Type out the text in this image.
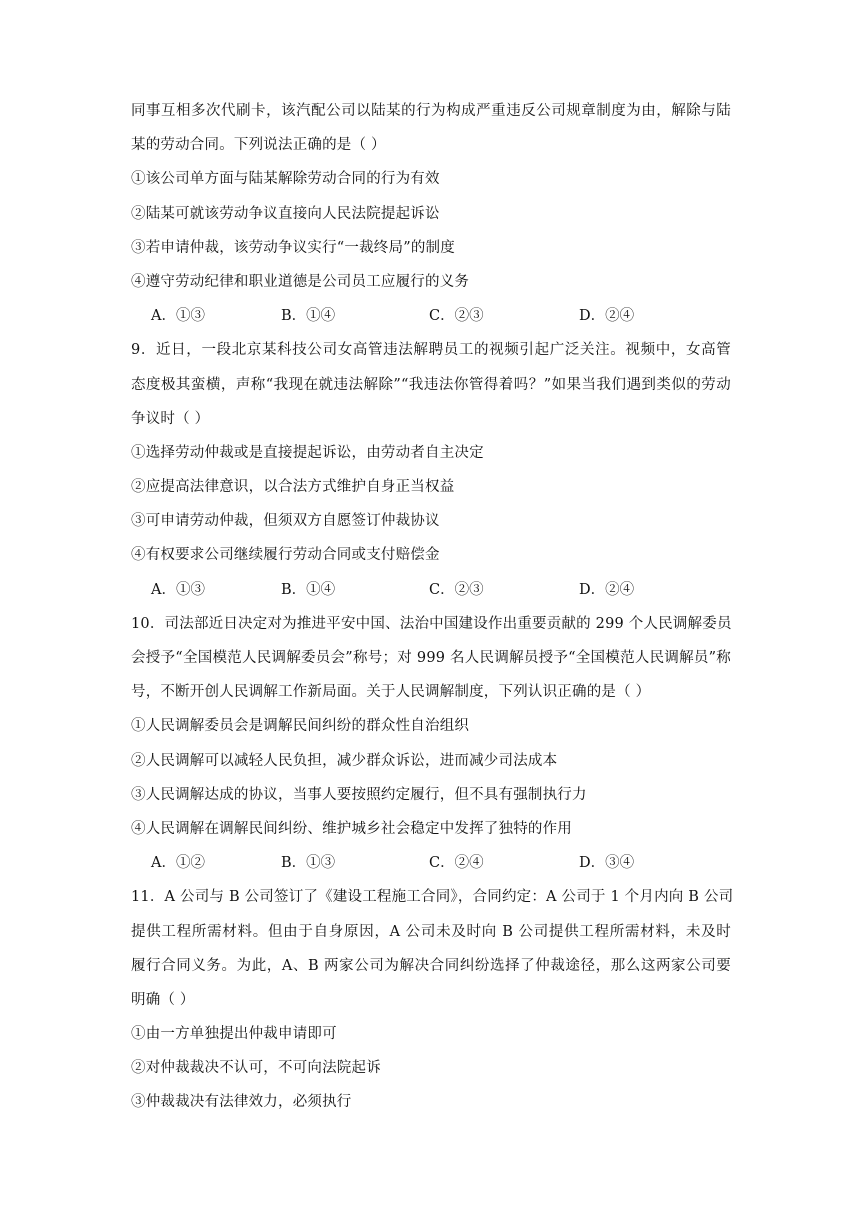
同事互相多次代刷卡，该汽配公司以陆某的行为构成严重违反公司规章制度为由，解除与陆
某的劳动合同。下列说法正确的是（ ）
①该公司单方面与陆某解除劳动合同的行为有效
②陆某可就该劳动争议直接向人民法院提起诉讼
③若申请仲裁，该劳动争议实行“一裁终局”的制度
④遵守劳动纪律和职业道德是公司员工应履行的义务
A．①③	B．①④	C．②③	D．②④
9．近日，一段北京某科技公司女高管违法解聘员工的视频引起广泛关注。视频中，女高管
态度极其蛮横，声称“我现在就违法解除”“我违法你管得着吗？”如果当我们遇到类似的劳动
争议时（ ）
①选择劳动仲裁或是直接提起诉讼，由劳动者自主决定
②应提高法律意识，以合法方式维护自身正当权益
③可申请劳动仲裁，但须双方自愿签订仲裁协议
④有权要求公司继续履行劳动合同或支付赔偿金
A．①③	B．①④	C．②③	D．②④
10．司法部近日决定对为推进平安中国、法治中国建设作出重要贡献的 299 个人民调解委员
会授予“全国模范人民调解委员会”称号；对 999 名人民调解员授予“全国模范人民调解员”称
号，不断开创人民调解工作新局面。关于人民调解制度，下列认识正确的是（ ）
①人民调解委员会是调解民间纠纷的群众性自治组织
②人民调解可以减轻人民负担，减少群众诉讼，进而减少司法成本
③人民调解达成的协议，当事人要按照约定履行，但不具有强制执行力
④人民调解在调解民间纠纷、维护城乡社会稳定中发挥了独特的作用
A．①②	B．①③	C．②④	D．③④
11．A 公司与 B 公司签订了《建设工程施工合同》，合同约定：A 公司于 1 个月内向 B 公司
提供工程所需材料。但由于自身原因，A 公司未及时向 B 公司提供工程所需材料，未及时
履行合同义务。为此，A、B 两家公司为解决合同纠纷选择了仲裁途径，那么这两家公司要
明确（ ）
①由一方单独提出仲裁申请即可
②对仲裁裁决不认可，不可向法院起诉
③仲裁裁决有法律效力，必须执行
